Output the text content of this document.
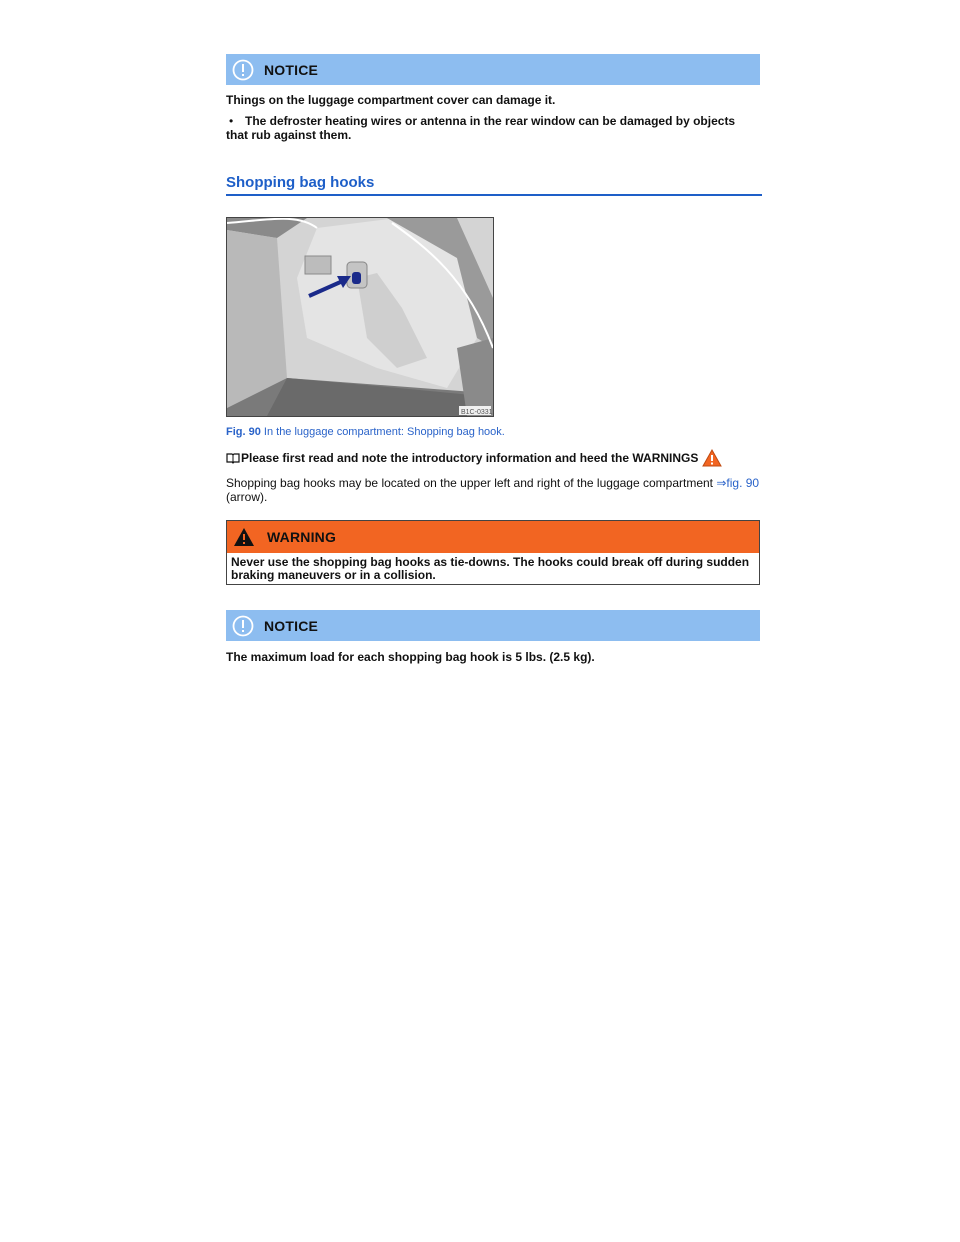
NOTICE
Things on the luggage compartment cover can damage it.
• The defroster heating wires or antenna in the rear window can be damaged by objects that rub against them.
Shopping bag hooks
B1C-0331
Fig. 90 In the luggage compartment: Shopping bag hook.
Please first read and note the introductory information and heed the WARNINGS
Shopping bag hooks may be located on the upper left and right of the luggage compartment ⇒fig. 90
(arrow).
WARNING
Never use the shopping bag hooks as tie-downs. The hooks could break off during sudden braking maneuvers or in a collision.
NOTICE
The maximum load for each shopping bag hook is 5 lbs. (2.5 kg).
